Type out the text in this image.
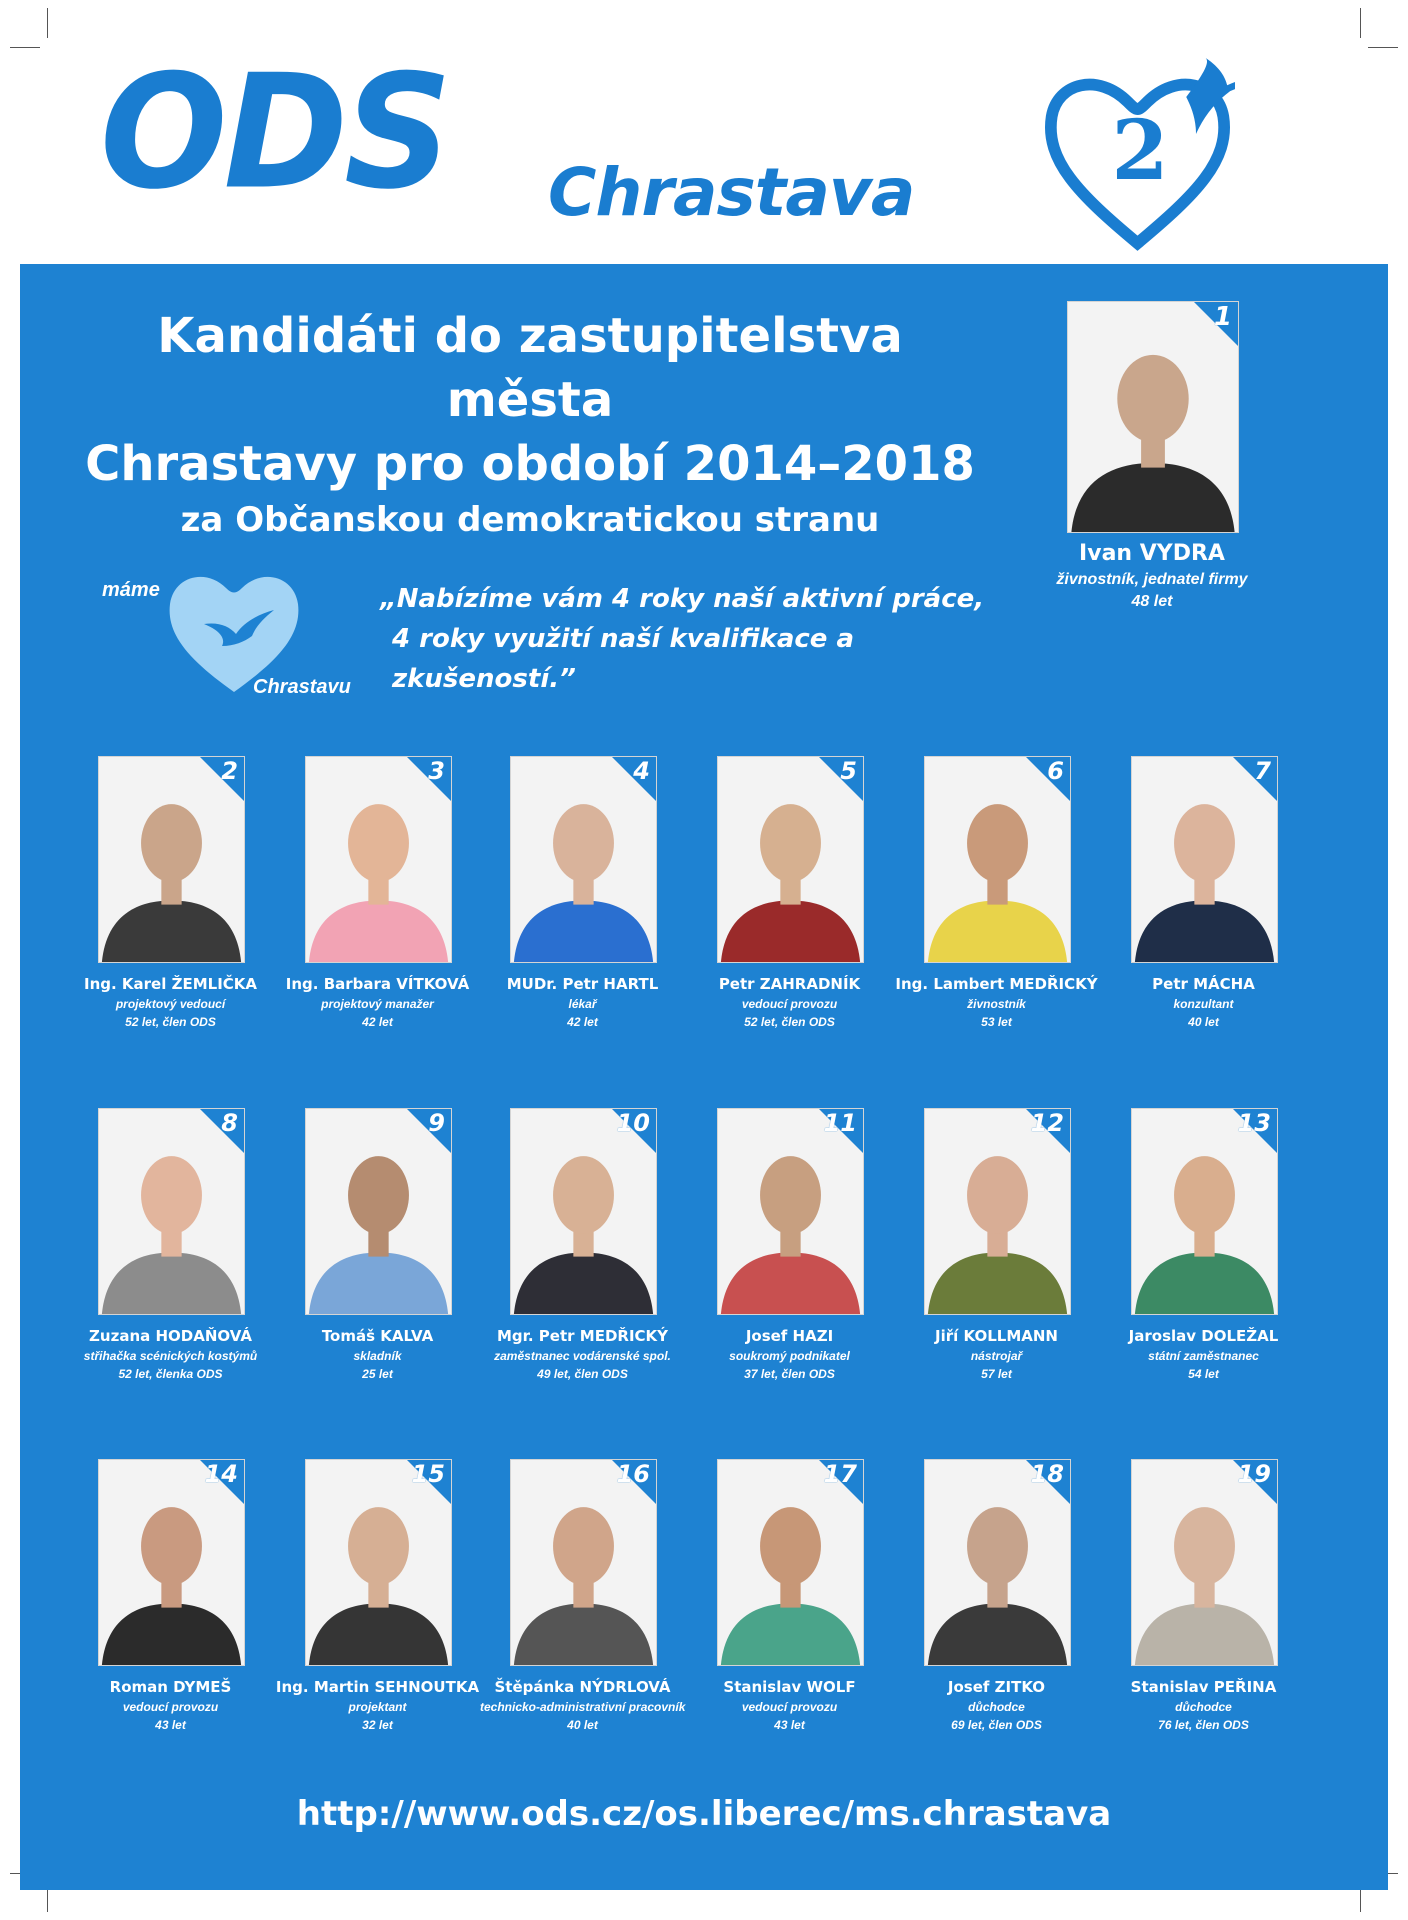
ODS Chrastava 2
Kandidáti do zastupitelstva města
Chrastavy pro období 2014–2018
za Občanskou demokratickou stranu
máme
Chrastavu
„Nabízíme vám 4 roky naší aktivní práce,
4 roky využití naší kvalifikace a zkušeností.”
1
Ivan VYDRA
živnostník, jednatel firmy
48 let
2
Ing. Karel ŽEMLIČKA
projektový vedoucí
52 let, člen ODS
3
Ing. Barbara VÍTKOVÁ
projektový manažer
42 let
4
MUDr. Petr HARTL
lékař
42 let
5
Petr ZAHRADNÍK
vedoucí provozu
52 let, člen ODS
6
Ing. Lambert MEDŘICKÝ
živnostník
53 let
7
Petr MÁCHA
konzultant
40 let
8
Zuzana HODAŇOVÁ
střihačka scénických kostýmů
52 let, členka ODS
9
Tomáš KALVA
skladník
25 let
10
Mgr. Petr MEDŘICKÝ
zaměstnanec vodárenské spol.
49 let, člen ODS
11
Josef HAZI
soukromý podnikatel
37 let, člen ODS
12
Jiří KOLLMANN
nástrojař
57 let
13
Jaroslav DOLEŽAL
státní zaměstnanec
54 let
14
Roman DYMEŠ
vedoucí provozu
43 let
15
Ing. Martin SEHNOUTKA
projektant
32 let
16
Štěpánka NÝDRLOVÁ
technicko-administrativní pracovník
40 let
17
Stanislav WOLF
vedoucí provozu
43 let
18
Josef ZITKO
důchodce
69 let, člen ODS
19
Stanislav PEŘINA
důchodce
76 let, člen ODS
http://www.ods.cz/os.liberec/ms.chrastava
